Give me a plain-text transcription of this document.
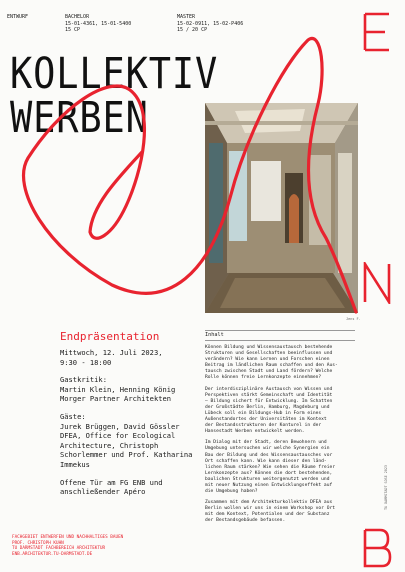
ENTWURF	BACHELOR
15-01-4361, 15-01-5400
15 CP
MASTER
15-02-0911, 15-02-P406
15 / 20 CP
KOLLEKTIV
WERBEN
Jens F.
Endpräsentation
Mittwoch, 12. Juli 2023,
9:30 - 18:00
Gastkritik:
Martin Klein, Henning König
Morger Partner Architekten
Gäste:
Jurek Brüggen, David Gössler
DFEA, Office for Ecological
Architecture, Christoph
Schorlemmer und Prof. Katharina
Immekus
Offene Tür am FG ENB und
anschließender Apéro
FACHGEBIET ENTWERFEN UND NACHHALTIGES BAUEN
PROF. CHRISTOPH KUHN
TU DARMSTADT FACHBEREICH ARCHITEKTUR
ENB.ARCHITEKTUR.TU-DARMSTADT.DE
Inhalt
Können Bildung und Wissensaustausch bestehende
Strukturen und Gesellschaften beeinflussen und
verändern? Wie kann Lernen und Forschen einen
Beitrag im ländlichen Raum schaffen und den Aus-
tausch zwischen Stadt und Land fördern? Welche
Rolle können freie Lernkonzepte einnehmen?
Der interdisziplinäre Austausch von Wissen und
Perspektiven stärkt Gemeinschaft und Identität
– Bildung sichert für Entwicklung. Im Schatten
der Großstädte Berlin, Hamburg, Magdeburg und
Lübeck soll ein Bildungs-Hub in Form eines
Außenstandortes der Universitäten im Kontext
der Bestandsstrukturen der Konturel in der
Hansestadt Werben entwickelt werden.
Im Dialog mit der Stadt, deren Bewohnern und
Umgebung untersuchen wir welche Synergien ein
Bau der Bildung und des Wissensaustausches vor
Ort schaffen kann. Wie kann dieser den länd-
lichen Raum stärken? Wie sehen die Räume freier
Lernkonzepte aus? Können die dort bestehenden,
baulichen Strukturen weitergenutzt werden und
mit neuer Nutzung einen Entwicklungseffekt auf
die Umgebung haben?
Zusammen mit dem Architekturkollektiv DFEA aus
Berlin wollen wir uns in einem Workshop vor Ort
mit dem Kontext, Potentialen und der Substanz
der Bestandsgebäude befassen.
TU DARMSTADT SOSE 2023
